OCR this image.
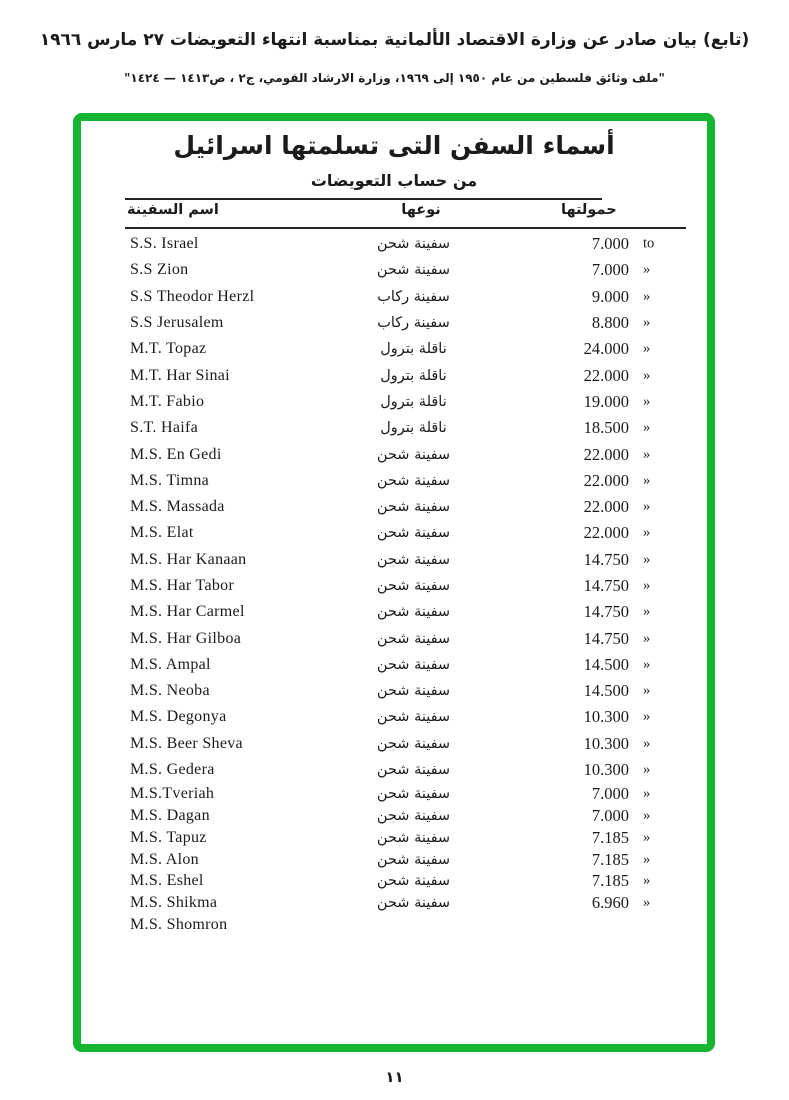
(تابع) بيان صادر عن وزارة الاقتصاد الألمانية بمناسبة انتهاء التعويضات ٢٧ مارس ١٩٦٦
"ملف وثائق فلسطين من عام ١٩٥٠ إلى ١٩٦٩، وزارة الارشاد القومي، ج٢ ، ص١٤١٣ — ١٤٢٤"
أسماء السفن التى تسلمتها اسرائيل
من حساب التعويضات
اسم السفينة	نوعها	حمولتها
S.S. Israel	سفينة شحن	7.000 to
S.S Zion	سفينة شحن	7.000 »
S.S Theodor Herzl	سفينة ركاب	9.000 »
S.S Jerusalem	سفينة ركاب	8.800 »
M.T. Topaz	ناقلة بترول	24.000 »
M.T. Har Sinai	ناقلة بترول	22.000 »
M.T. Fabio	ناقلة بترول	19.000 »
S.T. Haifa	ناقلة بترول	18.500 »
M.S. En Gedi	سفينة شحن	22.000 »
M.S. Timna	سفينة شحن	22.000 »
M.S. Massada	سفينة شحن	22.000 »
M.S. Elat	سفينة شحن	22.000 »
M.S. Har Kanaan	سفينة شحن	14.750 »
M.S. Har Tabor	سفينة شحن	14.750 »
M.S. Har Carmel	سفينة شحن	14.750 »
M.S. Har Gilboa	سفينة شحن	14.750 »
M.S. Ampal	سفينة شحن	14.500 »
M.S. Neoba	سفينة شحن	14.500 »
M.S. Degonya	سفينة شحن	10.300 »
M.S. Beer Sheva	سفينة شحن	10.300 »
M.S. Gedera	سفينة شحن	10.300 »
M.S.Tveriah	سفينة شحن	7.000 »
M.S. Dagan	سفينة شحن	7.000 »
M.S. Tapuz	سفينة شحن	7.185 »
M.S. Alon	سفينة شحن	7.185 »
M.S. Eshel	سفينة شحن	7.185 »
M.S. Shikma	سفينة شحن	6.960 »
M.S. Shomron
١١
